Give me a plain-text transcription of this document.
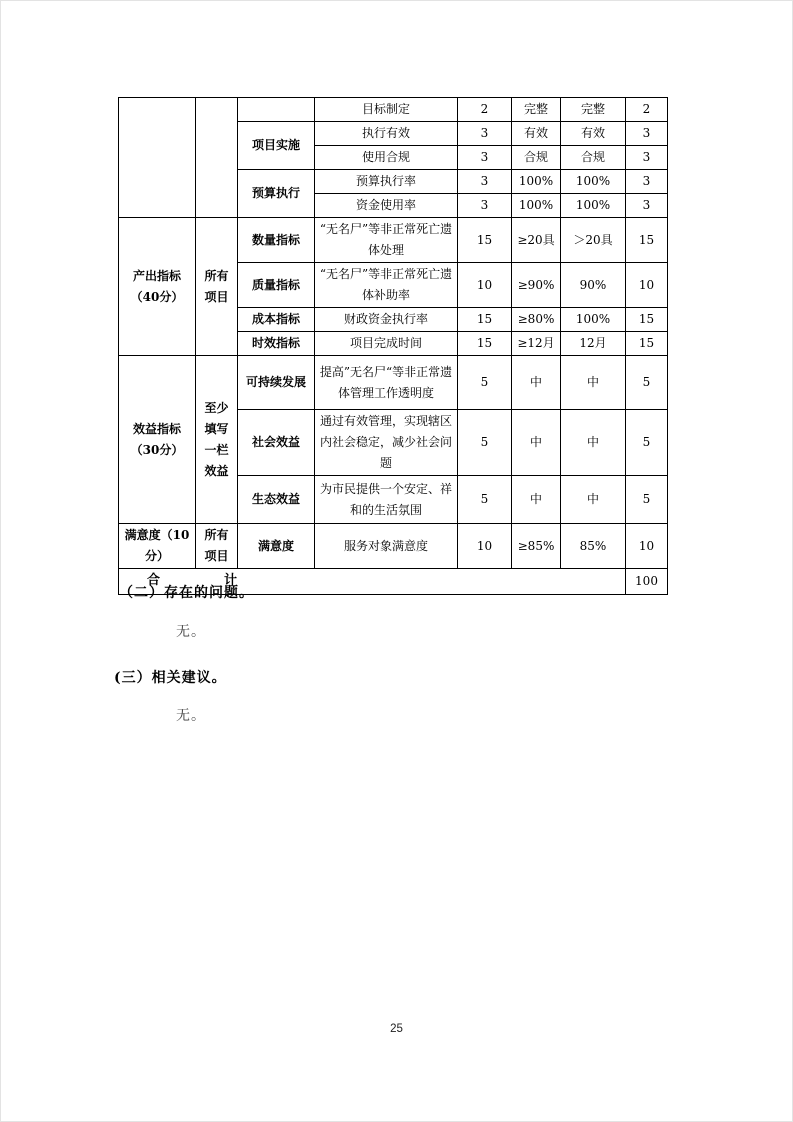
			目标制定	2	完整	完整	2
		项目实施	执行有效	3	有效	有效	3
			使用合规	3	合规	合规	3
		预算执行	预算执行率	3	100%	100%	3
			资金使用率	3	100%	100%	3
产出指标（40分）	所有项目	数量指标	“无名尸”等非正常死亡遗体处理	15	≥20具	＞20具	15
		质量指标	“无名尸”等非正常死亡遗体补助率	10	≥90%	90%	10
		成本指标	财政资金执行率	15	≥80%	100%	15
		时效指标	项目完成时间	15	≥12月	12月	15
效益指标（30分）	至少填写一栏效益	可持续发展	提高”无名尸“等非正常遗体管理工作透明度	5	中	中	5
		社会效益	通过有效管理，实现辖区内社会稳定，减少社会问题	5	中	中	5
		生态效益	为市民提供一个安定、祥和的生活氛围	5	中	中	5
满意度（10分）	所有项目	满意度	服务对象满意度	10	≥85%	85%	10
合 计							100
（二）存在的问题。
无。
(三）相关建议。
无。
25
